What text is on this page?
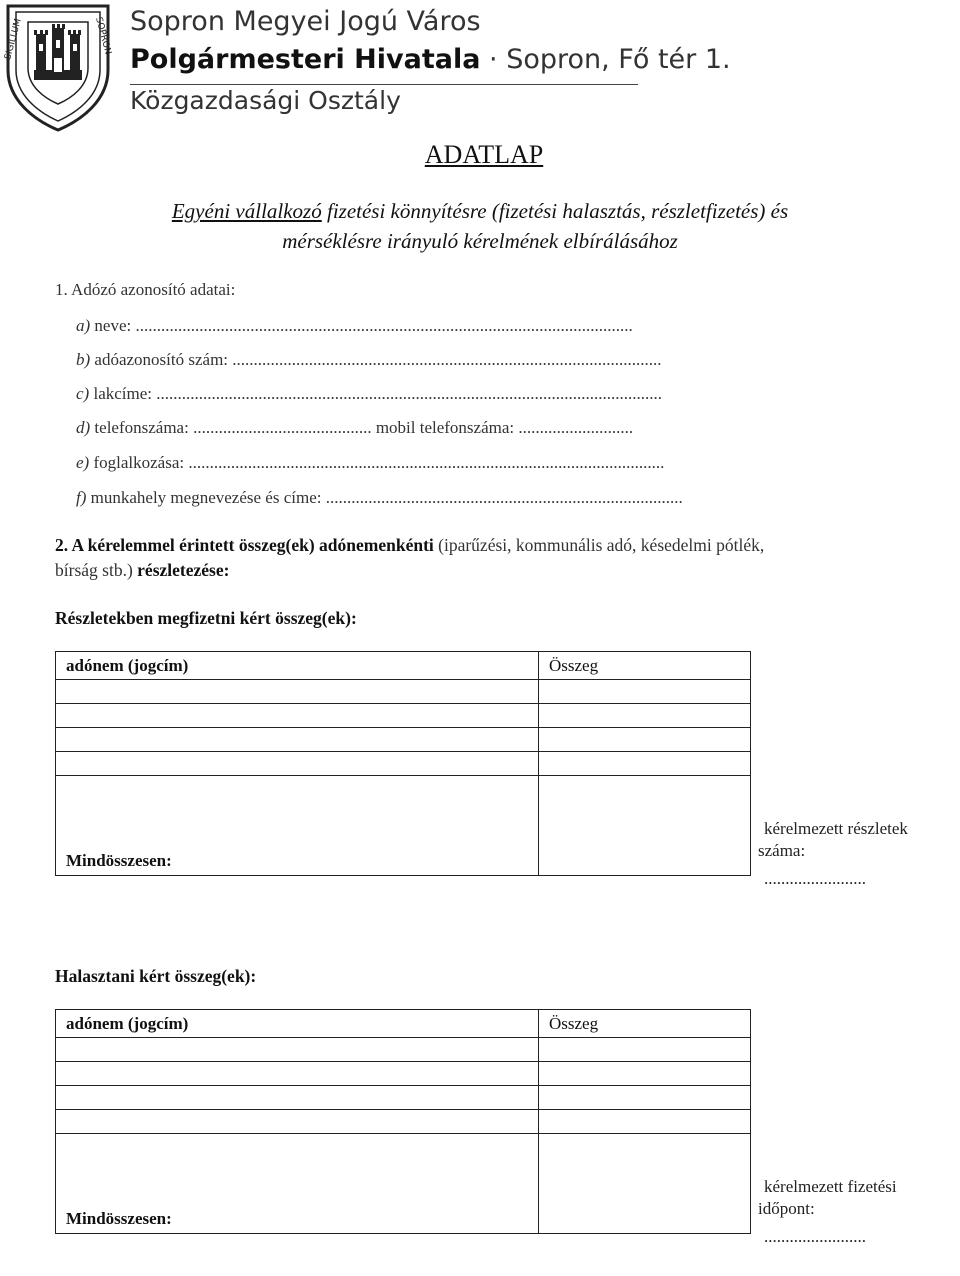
SIGILLUM	SOPRON Sopron Megyei Jogú Város
Polgármesteri Hivatala · Sopron, Fő tér 1.
Közgazdasági Osztály
ADATLAP
Egyéni vállalkozó fizetési könnyítésre (fizetési halasztás, részletfizetés) és
mérséklésre irányuló kérelmének elbírálásához
1. Adózó azonosító adatai:
a) neve: .....................................................................................................................
b) adóazonosító szám: .....................................................................................................
c) lakcíme: .......................................................................................................................
d) telefonszáma: .......................................... mobil telefonszáma: ...........................
e) foglalkozása: ................................................................................................................
f) munkahely megnevezése és címe: ....................................................................................
2. A kérelemmel érintett összeg(ek) adónemenkénti (iparűzési, kommunális adó, késedelmi pótlék,
bírság stb.) részletezése:
Részletekben megfizetni kért összeg(ek):
adónem (jogcím)	Összeg

Mindösszesen:	
kérelmezett részletek
száma:
........................
Halasztani kért összeg(ek):
adónem (jogcím)	Összeg

Mindösszesen:	
kérelmezett fizetési
időpont:
........................
